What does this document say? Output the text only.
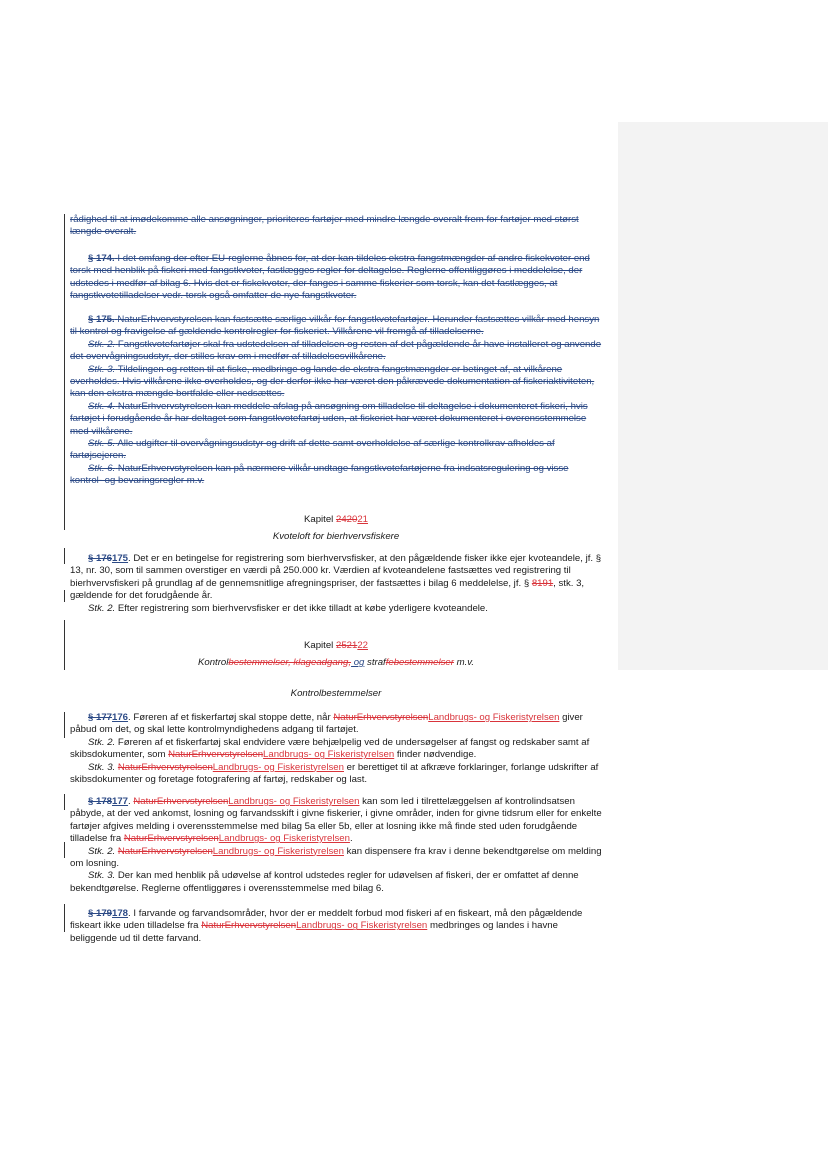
rådighed til at imødekomme alle ansøgninger, prioriteres fartøjer med mindre længde overalt frem for fartøjer med størst længde overalt.
§ 174. I det omfang der efter EU-reglerne åbnes for, at der kan tildeles ekstra fangstmængder af andre fiskekvoter end torsk med henblik på fiskeri med fangstkvoter, fastlægges regler for deltagelse. Reglerne offentliggøres i meddelelse, der udstedes i medfør af bilag 6. Hvis det er fiskekvoter, der fanges i samme fiskerier som torsk, kan det fastlægges, at fangstkvotetilladelser vedr. torsk også omfatter de nye fangstkvoter.
§ 175. NaturErhvervstyrelsen kan fastsætte særlige vilkår for fangstkvotefartøjer. Herunder fastsættes vilkår med hensyn til kontrol og fravigelse af gældende kontrolregler for fiskeriet. Vilkårene vil fremgå af tilladelserne.
Stk. 2. Fangstkvotefartøjer skal fra udstedelsen af tilladelsen og resten af det pågældende år have installeret og anvende det overvågningsudstyr, der stilles krav om i medfør af tilladelsesvilkårene.
Stk. 3. Tildelingen og retten til at fiske, medbringe og lande de ekstra fangstmængder er betinget af, at vilkårene overholdes. Hvis vilkårene ikke overholdes, og der derfor ikke har været den påkrævede dokumentation af fiskeriaktiviteten, kan den ekstra mængde bortfalde eller nedsættes.
Stk. 4. NaturErhvervstyrelsen kan meddele afslag på ansøgning om tilladelse til deltagelse i dokumenteret fiskeri, hvis fartøjet i forudgående år har deltaget som fangstkvotefartøj uden, at fiskeriet har været dokumenteret i overensstemmelse med vilkårene.
Stk. 5. Alle udgifter til overvågningsudstyr og drift af dette samt overholdelse af særlige kontrolkrav afholdes af fartøjsejeren.
Stk. 6. NaturErhvervstyrelsen kan på nærmere vilkår undtage fangstkvotefartøjerne fra indsatsregulering og visse kontrol- og bevaringsregler m.v.
Kapitel 242021
Kvoteloft for bierhvervsfiskere
§ 176175. Det er en betingelse for registrering som bierhvervsfisker, at den pågældende fisker ikke ejer kvoteandele, jf. § 13, nr. 30, som til sammen overstiger en værdi på 250.000 kr. Værdien af kvoteandelene fastsættes ved registrering til bierhvervsfiskeri på grundlag af de gennemsnitlige afregningspriser, der fastsættes i bilag 6 meddelelse, jf. § 8191, stk. 3, gældende for det forudgående år.
Stk. 2. Efter registrering som bierhvervsfisker er det ikke tilladt at købe yderligere kvoteandele.
Kapitel 252122
Kontrolbestemmelser, klageadgang, og straffebestemmelser m.v.
Kontrolbestemmelser
§ 177176. Føreren af et fiskerfartøj skal stoppe dette, når NaturErhvervstyrelsenLandbrugs- og Fiskeristyrelsen giver påbud om det, og skal lette kontrolmyndighedens adgang til fartøjet.
Stk. 2. Føreren af et fiskerfartøj skal endvidere være behjælpelig ved de undersøgelser af fangst og redskaber samt af skibsdokumenter, som NaturErhvervstyrelsenLandbrugs- og Fiskeristyrelsen finder nødvendige.
Stk. 3. NaturErhvervstyrelsenLandbrugs- og Fiskeristyrelsen er berettiget til at afkræve forklaringer, forlange udskrifter af skibsdokumenter og foretage fotografering af fartøj, redskaber og last.
§ 178177. NaturErhvervstyrelsenLandbrugs- og Fiskeristyrelsen kan som led i tilrettelæggelsen af kontrolindsatsen påbyde, at der ved ankomst, losning og farvandsskift i givne fiskerier, i givne områder, inden for givne tidsrum eller for enkelte fartøjer afgives melding i overensstemmelse med bilag 5a eller 5b, eller at losning ikke må finde sted uden forudgående tilladelse fra NaturErhvervstyrelsenLandbrugs- og Fiskeristyrelsen.
Stk. 2. NaturErhvervstyrelsenLandbrugs- og Fiskeristyrelsen kan dispensere fra krav i denne bekendtgørelse om melding om losning.
Stk. 3. Der kan med henblik på udøvelse af kontrol udstedes regler for udøvelsen af fiskeri, der er omfattet af denne bekendtgørelse. Reglerne offentliggøres i overensstemmelse med bilag 6.
§ 179178. I farvande og farvandsområder, hvor der er meddelt forbud mod fiskeri af en fiskeart, må den pågældende fiskeart ikke uden tilladelse fra NaturErhvervstyrelsenLandbrugs- og Fiskeristyrelsen medbringes og landes i havne beliggende ud til dette farvand.
